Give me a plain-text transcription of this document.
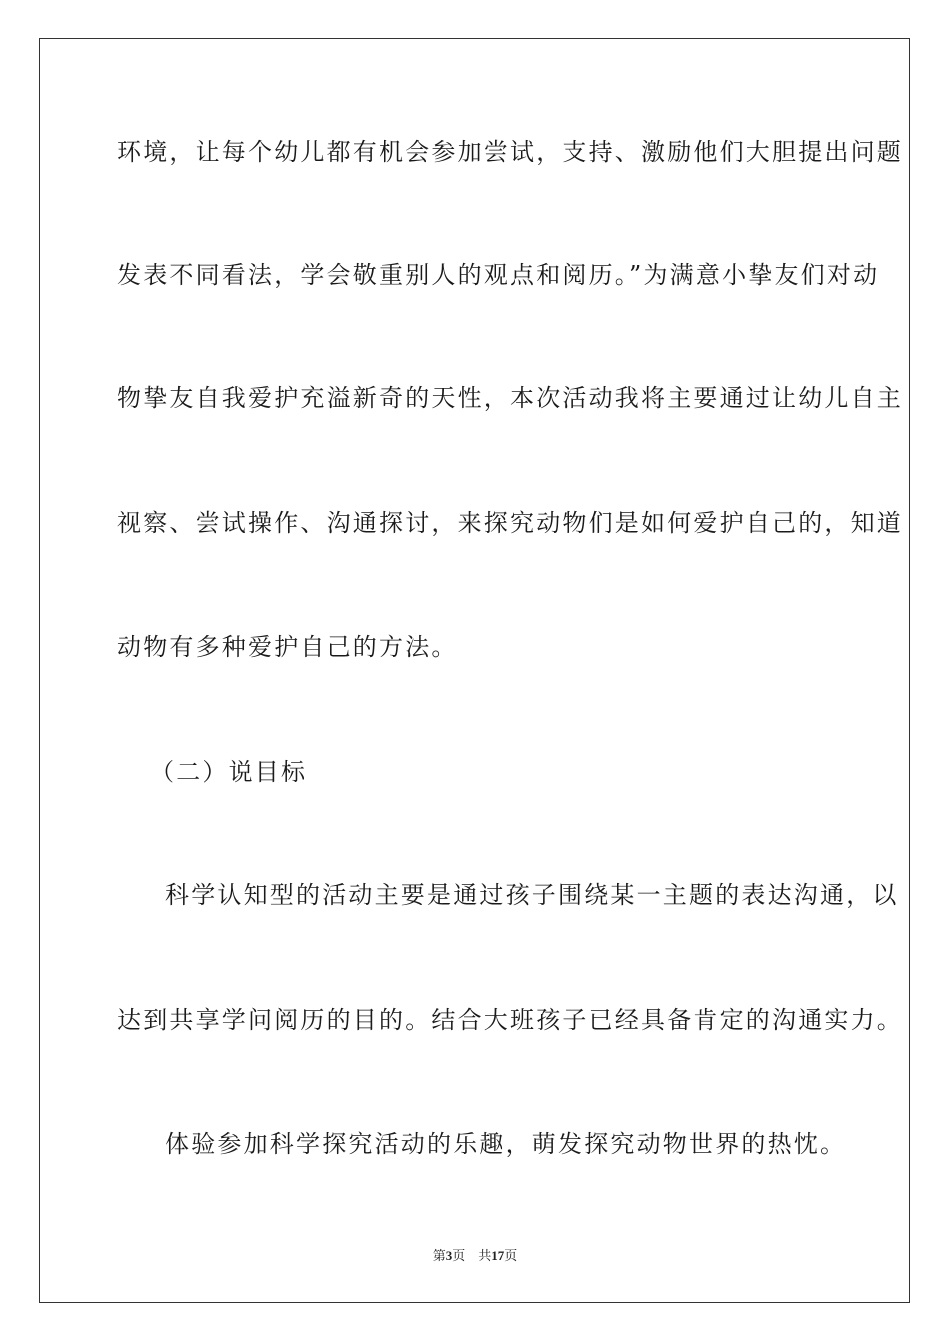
环境，让每个幼儿都有机会参加尝试，支持、激励他们大胆提出问题
发表不同看法，学会敬重别人的观点和阅历。”为满意小挚友们对动
物挚友自我爱护充溢新奇的天性，本次活动我将主要通过让幼儿自主
视察、尝试操作、沟通探讨，来探究动物们是如何爱护自己的，知道
动物有多种爱护自己的方法。
（二）说目标
科学认知型的活动主要是通过孩子围绕某一主题的表达沟通，以
达到共享学问阅历的目的。结合大班孩子已经具备肯定的沟通实力。
体验参加科学探究活动的乐趣，萌发探究动物世界的热忱。
第3页 共17页
